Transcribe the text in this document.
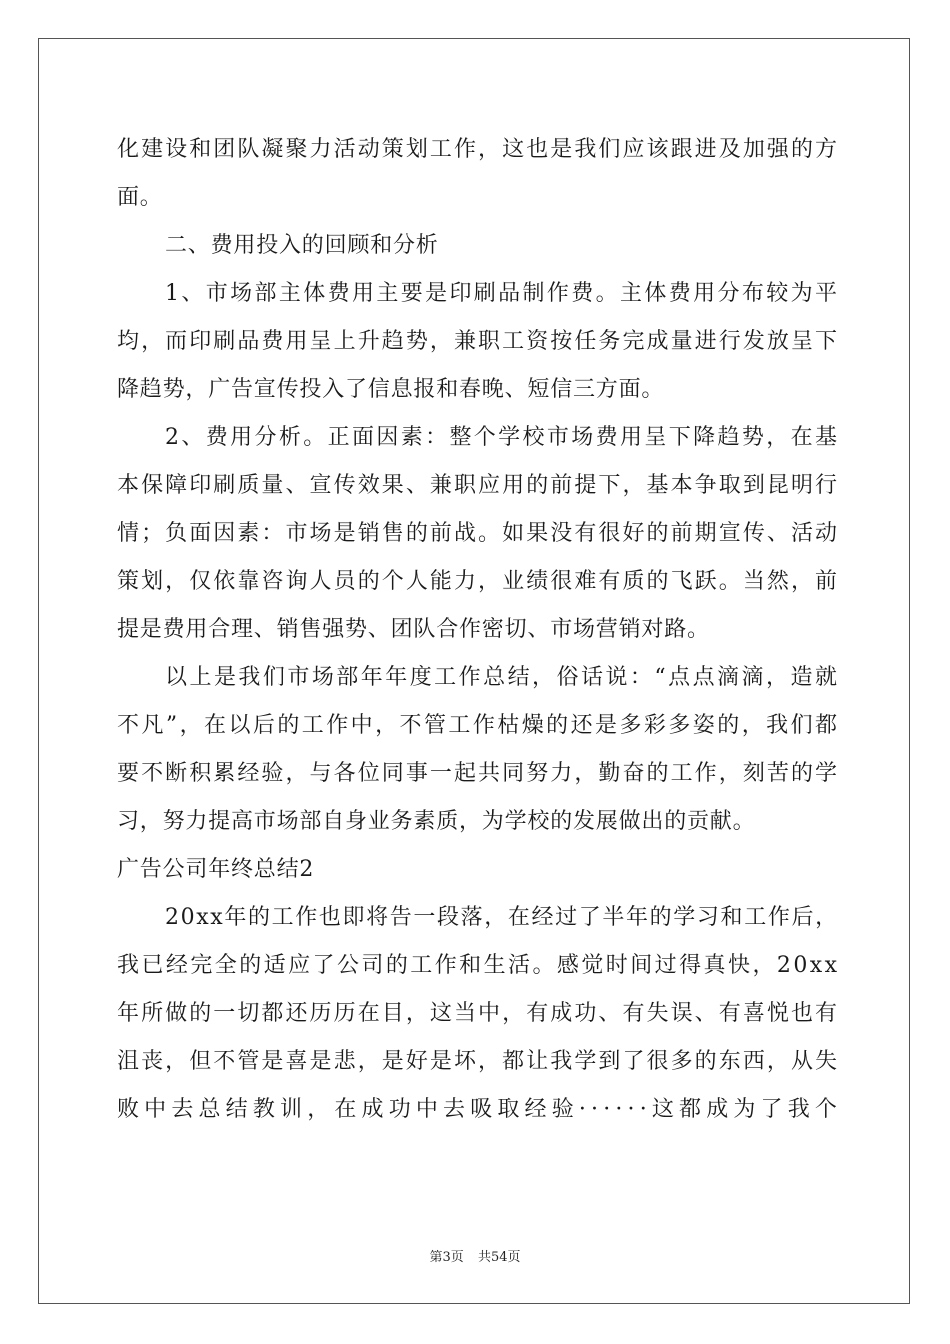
化建设和团队凝聚力活动策划工作，这也是我们应该跟进及加强的方
面。
二、费用投入的回顾和分析
1、市场部主体费用主要是印刷品制作费。主体费用分布较为平
均，而印刷品费用呈上升趋势，兼职工资按任务完成量进行发放呈下
降趋势，广告宣传投入了信息报和春晚、短信三方面。
2、费用分析。正面因素：整个学校市场费用呈下降趋势，在基
本保障印刷质量、宣传效果、兼职应用的前提下，基本争取到昆明行
情；负面因素：市场是销售的前战。如果没有很好的前期宣传、活动
策划，仅依靠咨询人员的个人能力，业绩很难有质的飞跃。当然，前
提是费用合理、销售强势、团队合作密切、市场营销对路。
以上是我们市场部年年度工作总结，俗话说：“点点滴滴，造就
不凡”，在以后的工作中，不管工作枯燥的还是多彩多姿的，我们都
要不断积累经验，与各位同事一起共同努力，勤奋的工作，刻苦的学
习，努力提高市场部自身业务素质，为学校的发展做出的贡献。
广告公司年终总结2
20xx年的工作也即将告一段落，在经过了半年的学习和工作后，
我已经完全的适应了公司的工作和生活。感觉时间过得真快，20xx
年所做的一切都还历历在目，这当中，有成功、有失误、有喜悦也有
沮丧，但不管是喜是悲，是好是坏，都让我学到了很多的东西，从失
败中去总结教训，在成功中去吸取经验······这都成为了我个
第3页 共54页
